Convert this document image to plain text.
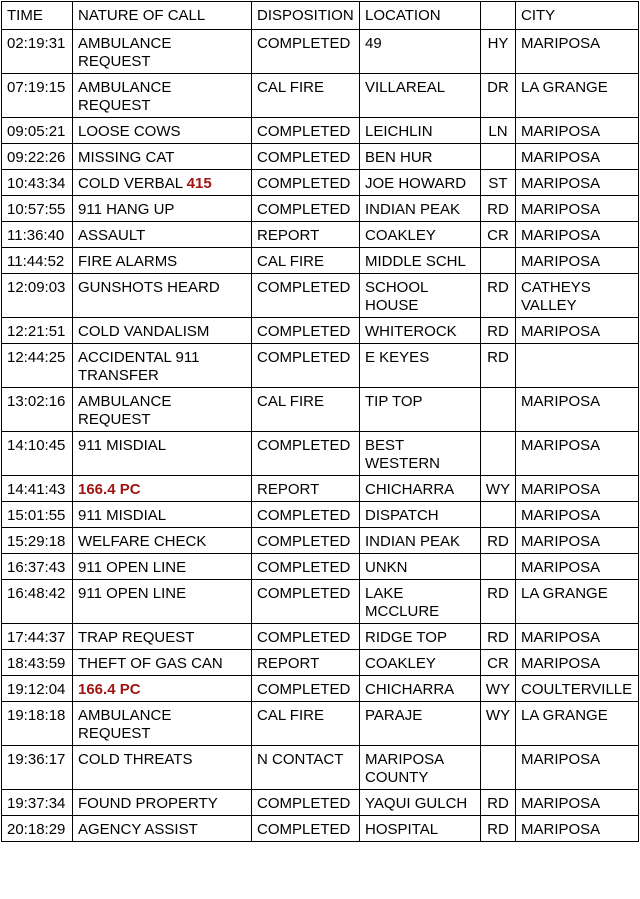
TIME	NATURE OF CALL	DISPOSITION	LOCATION		CITY
02:19:31	AMBULANCE REQUEST	COMPLETED	49	HY	MARIPOSA
07:19:15	AMBULANCE REQUEST	CAL FIRE	VILLAREAL	DR	LA GRANGE
09:05:21	LOOSE COWS	COMPLETED	LEICHLIN	LN	MARIPOSA
09:22:26	MISSING CAT	COMPLETED	BEN HUR		MARIPOSA
10:43:34	COLD VERBAL 415	COMPLETED	JOE HOWARD	ST	MARIPOSA
10:57:55	911 HANG UP	COMPLETED	INDIAN PEAK	RD	MARIPOSA
11:36:40	ASSAULT	REPORT	COAKLEY	CR	MARIPOSA
11:44:52	FIRE ALARMS	CAL FIRE	MIDDLE SCHL		MARIPOSA
12:09:03	GUNSHOTS HEARD	COMPLETED	SCHOOL HOUSE	RD	CATHEYS VALLEY
12:21:51	COLD VANDALISM	COMPLETED	WHITEROCK	RD	MARIPOSA
12:44:25	ACCIDENTAL 911 TRANSFER	COMPLETED	E KEYES	RD	
13:02:16	AMBULANCE REQUEST	CAL FIRE	TIP TOP		MARIPOSA
14:10:45	911 MISDIAL	COMPLETED	BEST WESTERN		MARIPOSA
14:41:43	166.4 PC	REPORT	CHICHARRA	WY	MARIPOSA
15:01:55	911 MISDIAL	COMPLETED	DISPATCH		MARIPOSA
15:29:18	WELFARE CHECK	COMPLETED	INDIAN PEAK	RD	MARIPOSA
16:37:43	911 OPEN LINE	COMPLETED	UNKN		MARIPOSA
16:48:42	911 OPEN LINE	COMPLETED	LAKE MCCLURE	RD	LA GRANGE
17:44:37	TRAP REQUEST	COMPLETED	RIDGE TOP	RD	MARIPOSA
18:43:59	THEFT OF GAS CAN	REPORT	COAKLEY	CR	MARIPOSA
19:12:04	166.4 PC	COMPLETED	CHICHARRA	WY	COULTERVILLE
19:18:18	AMBULANCE REQUEST	CAL FIRE	PARAJE	WY	LA GRANGE
19:36:17	COLD THREATS	N CONTACT	MARIPOSA COUNTY		MARIPOSA
19:37:34	FOUND PROPERTY	COMPLETED	YAQUI GULCH	RD	MARIPOSA
20:18:29	AGENCY ASSIST	COMPLETED	HOSPITAL	RD	MARIPOSA
